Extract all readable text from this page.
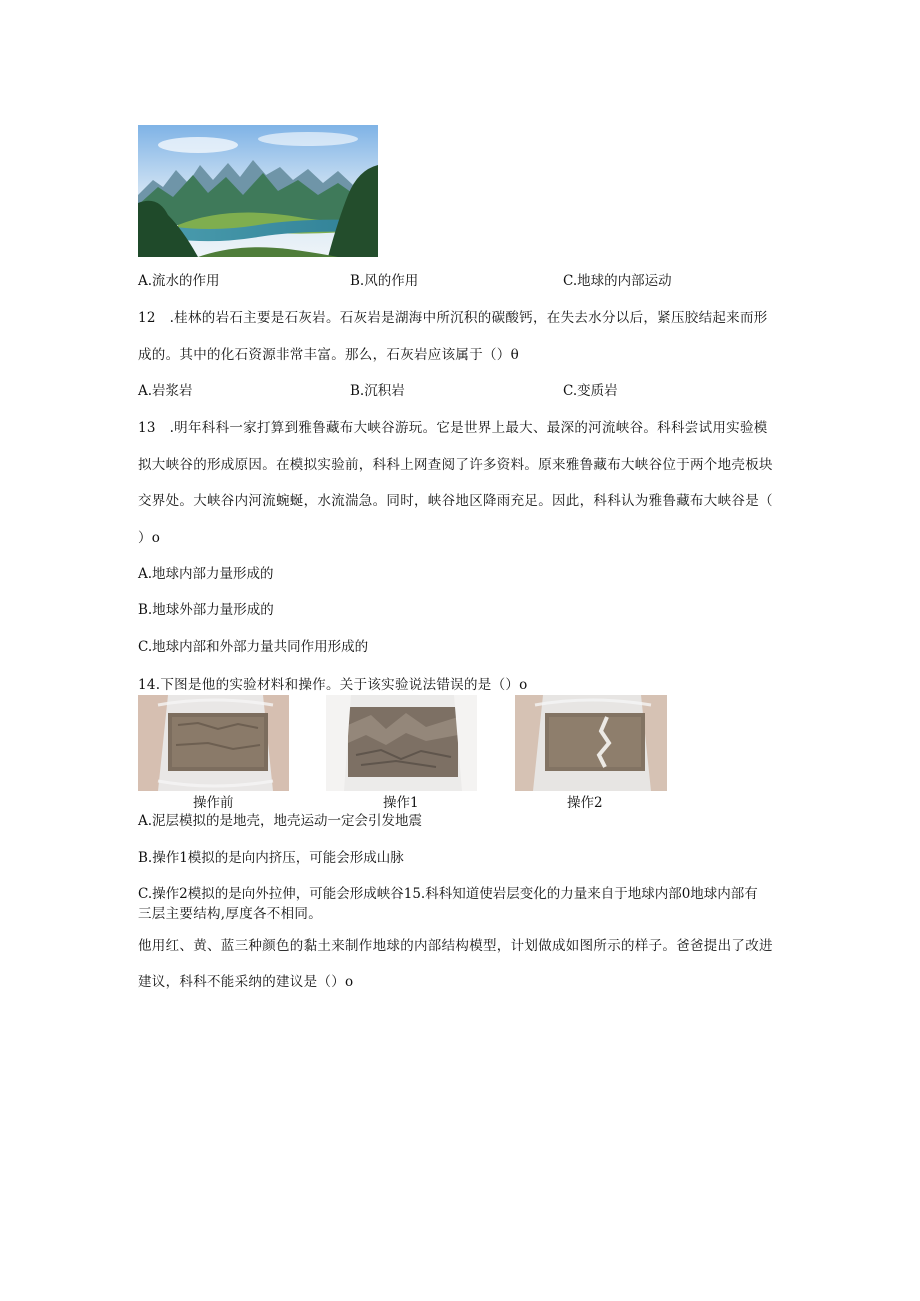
A.流水的作用	B.风的作用	C.地球的内部运动
12　.桂林的岩石主要是石灰岩。石灰岩是湖海中所沉积的碳酸钙，在失去水分以后，紧压胶结起来而形
成的。其中的化石资源非常丰富。那么，石灰岩应该属于（）θ
A.岩浆岩	B.沉积岩	C.变质岩
13　.明年科科一家打算到雅鲁藏布大峡谷游玩。它是世界上最大、最深的河流峡谷。科科尝试用实验模
拟大峡谷的形成原因。在模拟实验前，科科上网查阅了许多资料。原来雅鲁藏布大峡谷位于两个地壳板块
交界处。大峡谷内河流蜿蜒，水流湍急。同时，峡谷地区降雨充足。因此，科科认为雅鲁藏布大峡谷是（
）o
A.地球内部力量形成的
B.地球外部力量形成的
C.地球内部和外部力量共同作用形成的
14.下图是他的实验材料和操作。关于该实验说法错误的是（）o
操作前	操作1	操作2
A.泥层模拟的是地壳，地壳运动一定会引发地震
B.操作1模拟的是向内挤压，可能会形成山脉
C.操作2模拟的是向外拉伸，可能会形成峡谷15.科科知道使岩层变化的力量来自于地球内部0地球内部有
三层主要结构,厚度各不相同。
他用红、黄、蓝三种颜色的黏土来制作地球的内部结构模型，计划做成如图所示的样子。爸爸提出了改进
建议，科科不能采纳的建议是（）o
